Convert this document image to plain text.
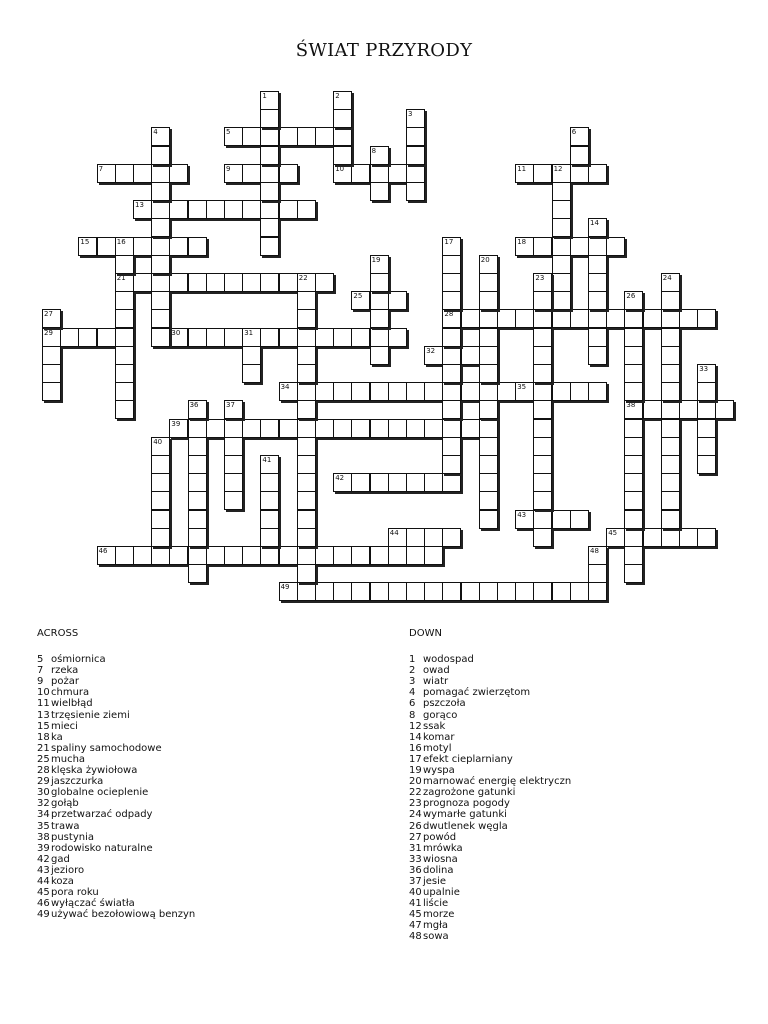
ŚWIAT PRZYRODY
5
7	9	10	11	12
13
15	16	18
21	22
25
28
29	30	31
32
34	35
38
39
42
43
44	45
46
49
1	2
3
4	6
8
14
17
19	20
23	24
26
27
33
36	37
40
41
48
ACROSS
5 ośmiornica
7 rzeka
9 pożar
10chmura
11wielbłąd
13trzęsienie ziemi
15mieci
18ka
21spaliny samochodowe
25mucha
28klęska żywiołowa
29jaszczurka
30globalne ocieplenie
32gołąb
34przetwarzać odpady
35trawa
38pustynia
39rodowisko naturalne
42gad
43jezioro
44koza
45pora roku
46wyłączać światła
49używać bezołowiową benzyn
DOWN
1 wodospad
2 owad
3 wiatr
4 pomagać zwierzętom
6 pszczoła
8 gorąco
12ssak
14komar
16motyl
17efekt cieplarniany
19wyspa
20marnować energię elektryczn
22zagrożone gatunki
23prognoza pogody
24wymarłe gatunki
26dwutlenek węgla
27powód
31mrówka
33wiosna
36dolina
37jesie
40upalnie
41liście
45morze
47mgła
48sowa
